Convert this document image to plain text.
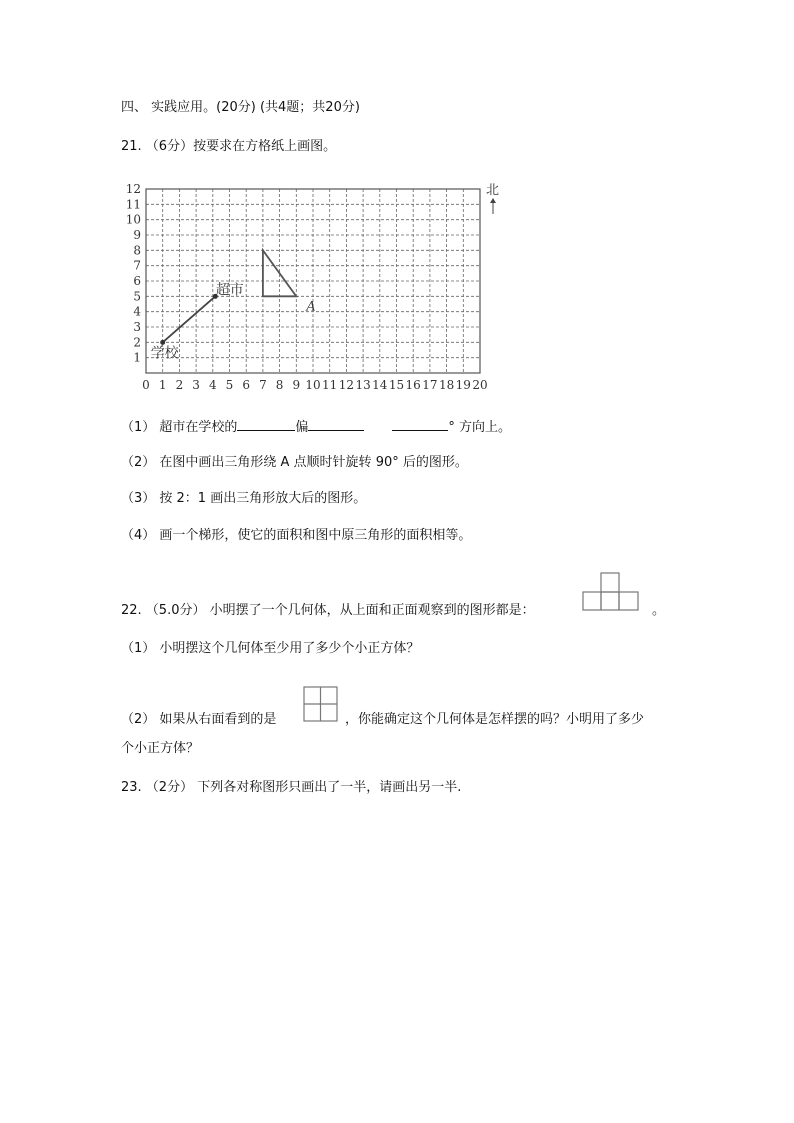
四、 实践应用。(20分) (共4题；共20分)
21. （6分）按要求在方格纸上画图。
0 1 2 3 4 5 6 7 8 9 10 11 12 13 14 15 16 17 18 19 20
1
2
3
4
5
6
7
8
9
10
11
12	北
学校
超市
A
（1） 超市在学校的	偏	° 方向上。
（2） 在图中画出三角形绕 A 点顺时针旋转 90° 后的图形。
（3） 按 2：1 画出三角形放大后的图形。
（4） 画一个梯形，使它的面积和图中原三角形的面积相等。
22. （5.0分） 小明摆了一个几何体，从上面和正面观察到的图形都是：	。
（1） 小明摆这个几何体至少用了多少个小正方体？
（2） 如果从右面看到的是	，你能确定这个几何体是怎样摆的吗？小明用了多少
个小正方体？
23. （2分） 下列各对称图形只画出了一半，请画出另一半.
